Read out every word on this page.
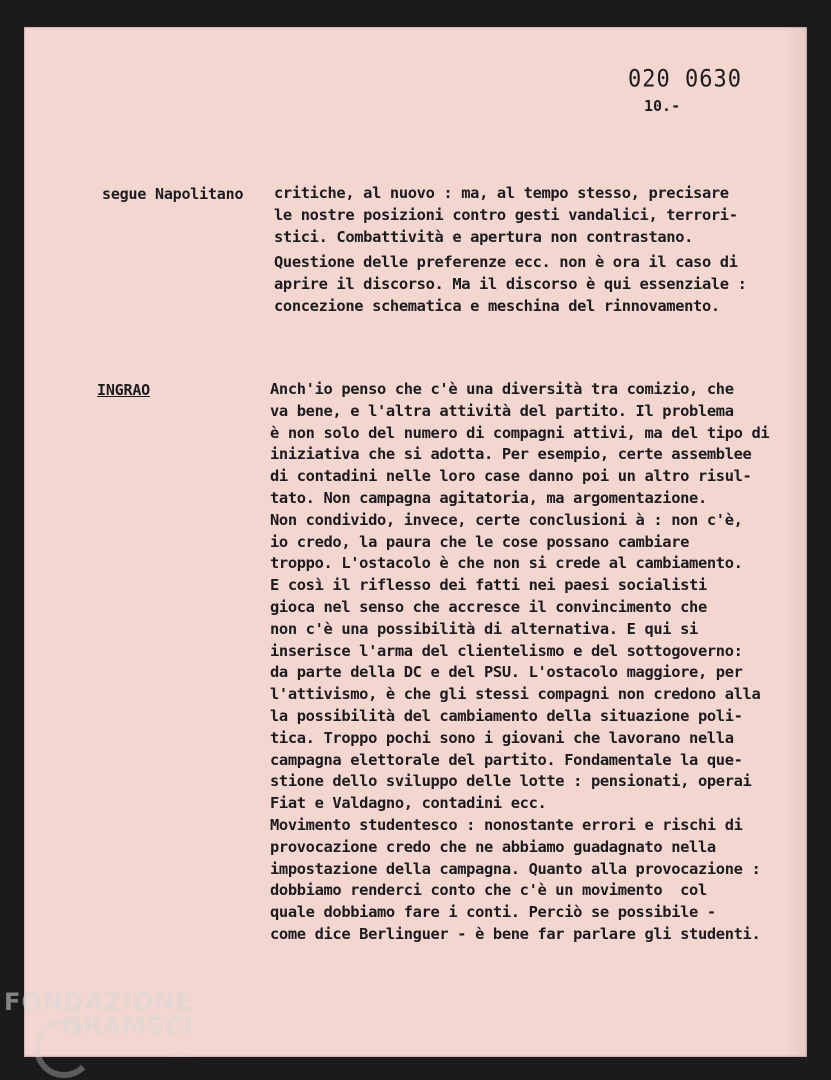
020 0630
10.-
segue Napolitano critiche, al nuovo : ma, al tempo stesso, precisare
le nostre posizioni contro gesti vandalici, terrori-
stici. Combattività e apertura non contrastano.
Questione delle preferenze ecc. non è ora il caso di
aprire il discorso. Ma il discorso è qui essenziale :
concezione schematica e meschina del rinnovamento.
INGRAO	Anch'io penso che c'è una diversità tra comizio, che
va bene, e l'altra attività del partito. Il problema
è non solo del numero di compagni attivi, ma del tipo di
iniziativa che si adotta. Per esempio, certe assemblee
di contadini nelle loro case danno poi un altro risul-
tato. Non campagna agitatoria, ma argomentazione.
Non condivido, invece, certe conclusioni à : non c'è,
io credo, la paura che le cose possano cambiare
troppo. L'ostacolo è che non si crede al cambiamento.
E così il riflesso dei fatti nei paesi socialisti
gioca nel senso che accresce il convincimento che
non c'è una possibilità di alternativa. E qui si
inserisce l'arma del clientelismo e del sottogoverno:
da parte della DC e del PSU. L'ostacolo maggiore, per
l'attivismo, è che gli stessi compagni non credono alla
la possibilità del cambiamento della situazione poli-
tica. Troppo pochi sono i giovani che lavorano nella
campagna elettorale del partito. Fondamentale la que-
stione dello sviluppo delle lotte : pensionati, operai
Fiat e Valdagno, contadini ecc.
Movimento studentesco : nonostante errori e rischi di
provocazione credo che ne abbiamo guadagnato nella
impostazione della campagna. Quanto alla provocazione :
dobbiamo renderci conto che c'è un movimento  col
quale dobbiamo fare i conti. Perciò se possibile -
come dice Berlinguer - è bene far parlare gli studenti.
FONDAZIONE
GRAMSCI
onlus
